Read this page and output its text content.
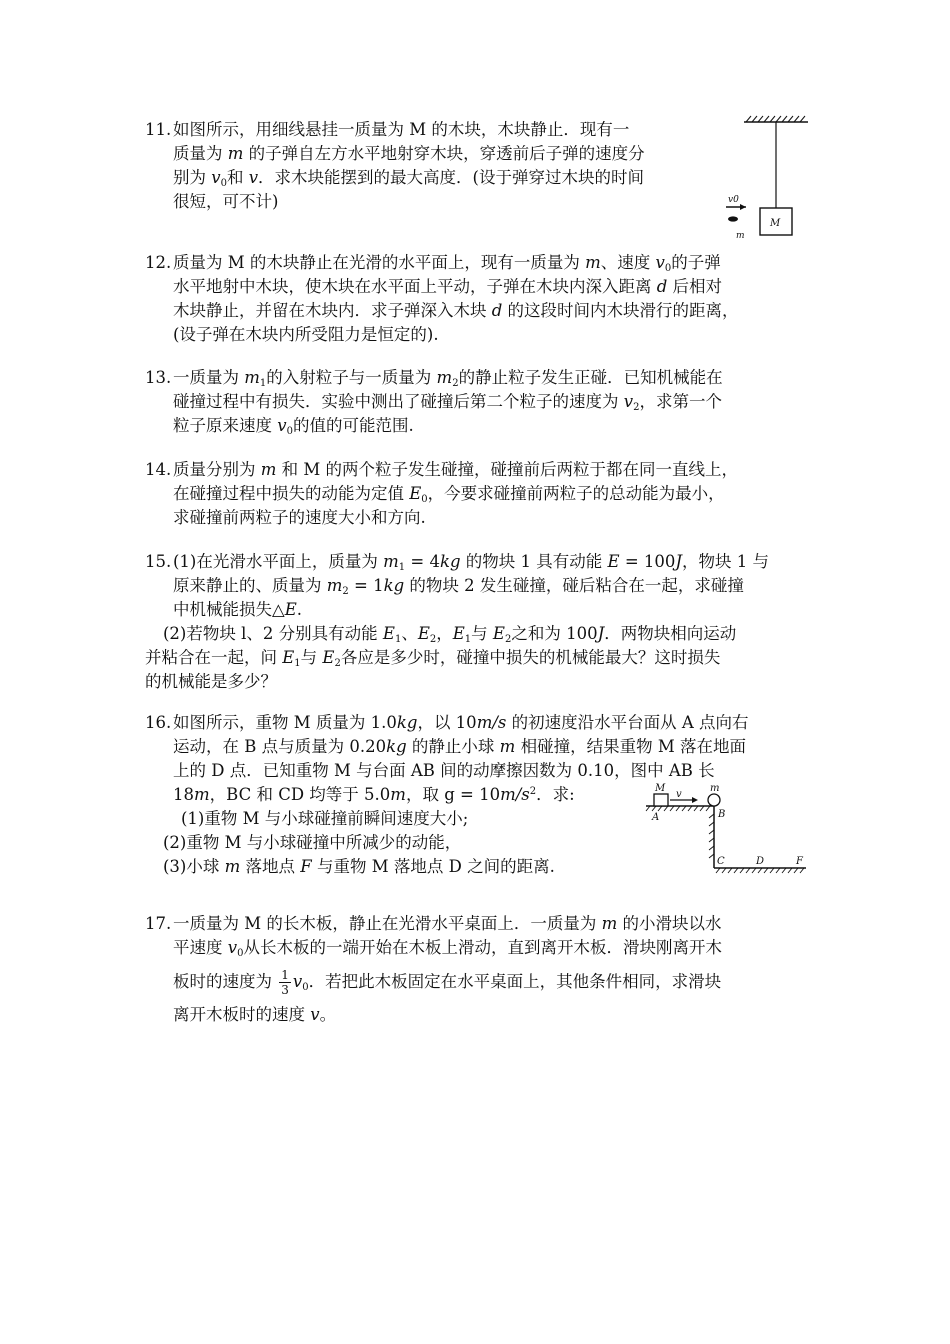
11. 如图所示，用细线悬挂一质量为 M 的木块，木块静止．现有一

质量为 m 的子弹自左方水平地射穿木块，穿透前后子弹的速度分

别为 $v_0$和 v．求木块能摆到的最大高度．(设于弹穿过木块的时间

很短，可不计)

M
v0
m

12. 质量为 M 的木块静止在光滑的水平面上，现有一质量为 m、速度 $v_0$的子弹

水平地射中木块，使木块在水平面上平动，子弹在木块内深入距离 d 后相对

木块静止，并留在木块内．求子弹深入木块 d 的这段时间内木块滑行的距离，

(设子弹在木块内所受阻力是恒定的).

13. 一质量为 $m_1$的入射粒子与一质量为 $m_2$的静止粒子发生正碰．已知机械能在

碰撞过程中有损失．实验中测出了碰撞后第二个粒子的速度为 $v_2$，求第一个

粒子原来速度 $v_0$的值的可能范围.

14. 质量分别为 m 和 M 的两个粒子发生碰撞，碰撞前后两粒于都在同一直线上，

在碰撞过程中损失的动能为定值 $E_0$，今要求碰撞前两粒子的总动能为最小，

求碰撞前两粒子的速度大小和方向.

15. (1)在光滑水平面上，质量为 $m_1 = 4kg$ 的物块 1 具有动能 E = 100J，物块 1 与

原来静止的、质量为 $m_2 = 1kg$ 的物块 2 发生碰撞，碰后粘合在一起，求碰撞

中机械能损失△E.

(2)若物块 l、2 分别具有动能 $E_1$、$E_2$，$E_1$与 $E_2$之和为 100J．两物块相向运动

并粘合在一起，问 $E_1$与 $E_2$各应是多少时，碰撞中损失的机械能最大？这时损失

的机械能是多少？

16. 如图所示，重物 M 质量为 1.0kg，以 10m/s 的初速度沿水平台面从 A 点向右

运动，在 B 点与质量为 0.20kg 的静止小球 m 相碰撞，结果重物 M 落在地面

上的 D 点．已知重物 M 与台面 AB 间的动摩擦因数为 0.10，图中 AB 长

18m，BC 和 CD 均等于 5.0m，取 $g = 10m/s^2$．求:

(1)重物 M 与小球碰撞前瞬间速度大小;

(2)重物 M 与小球碰撞中所减少的动能，

(3)小球 m 落地点 F 与重物 M 落地点 D 之间的距离.

M
v
m
A	B
C	D	F

17. 一质量为 M 的长木板，静止在光滑水平桌面上．一质量为 m 的小滑块以水

平速度 $v_0$从长木板的一端开始在木板上滑动，直到离开木板．滑块刚离开木

板时的速度为 $\frac{1}{3} v_0$．若把此木板固定在水平桌面上，其他条件相同，求滑块

离开木板时的速度 v。
